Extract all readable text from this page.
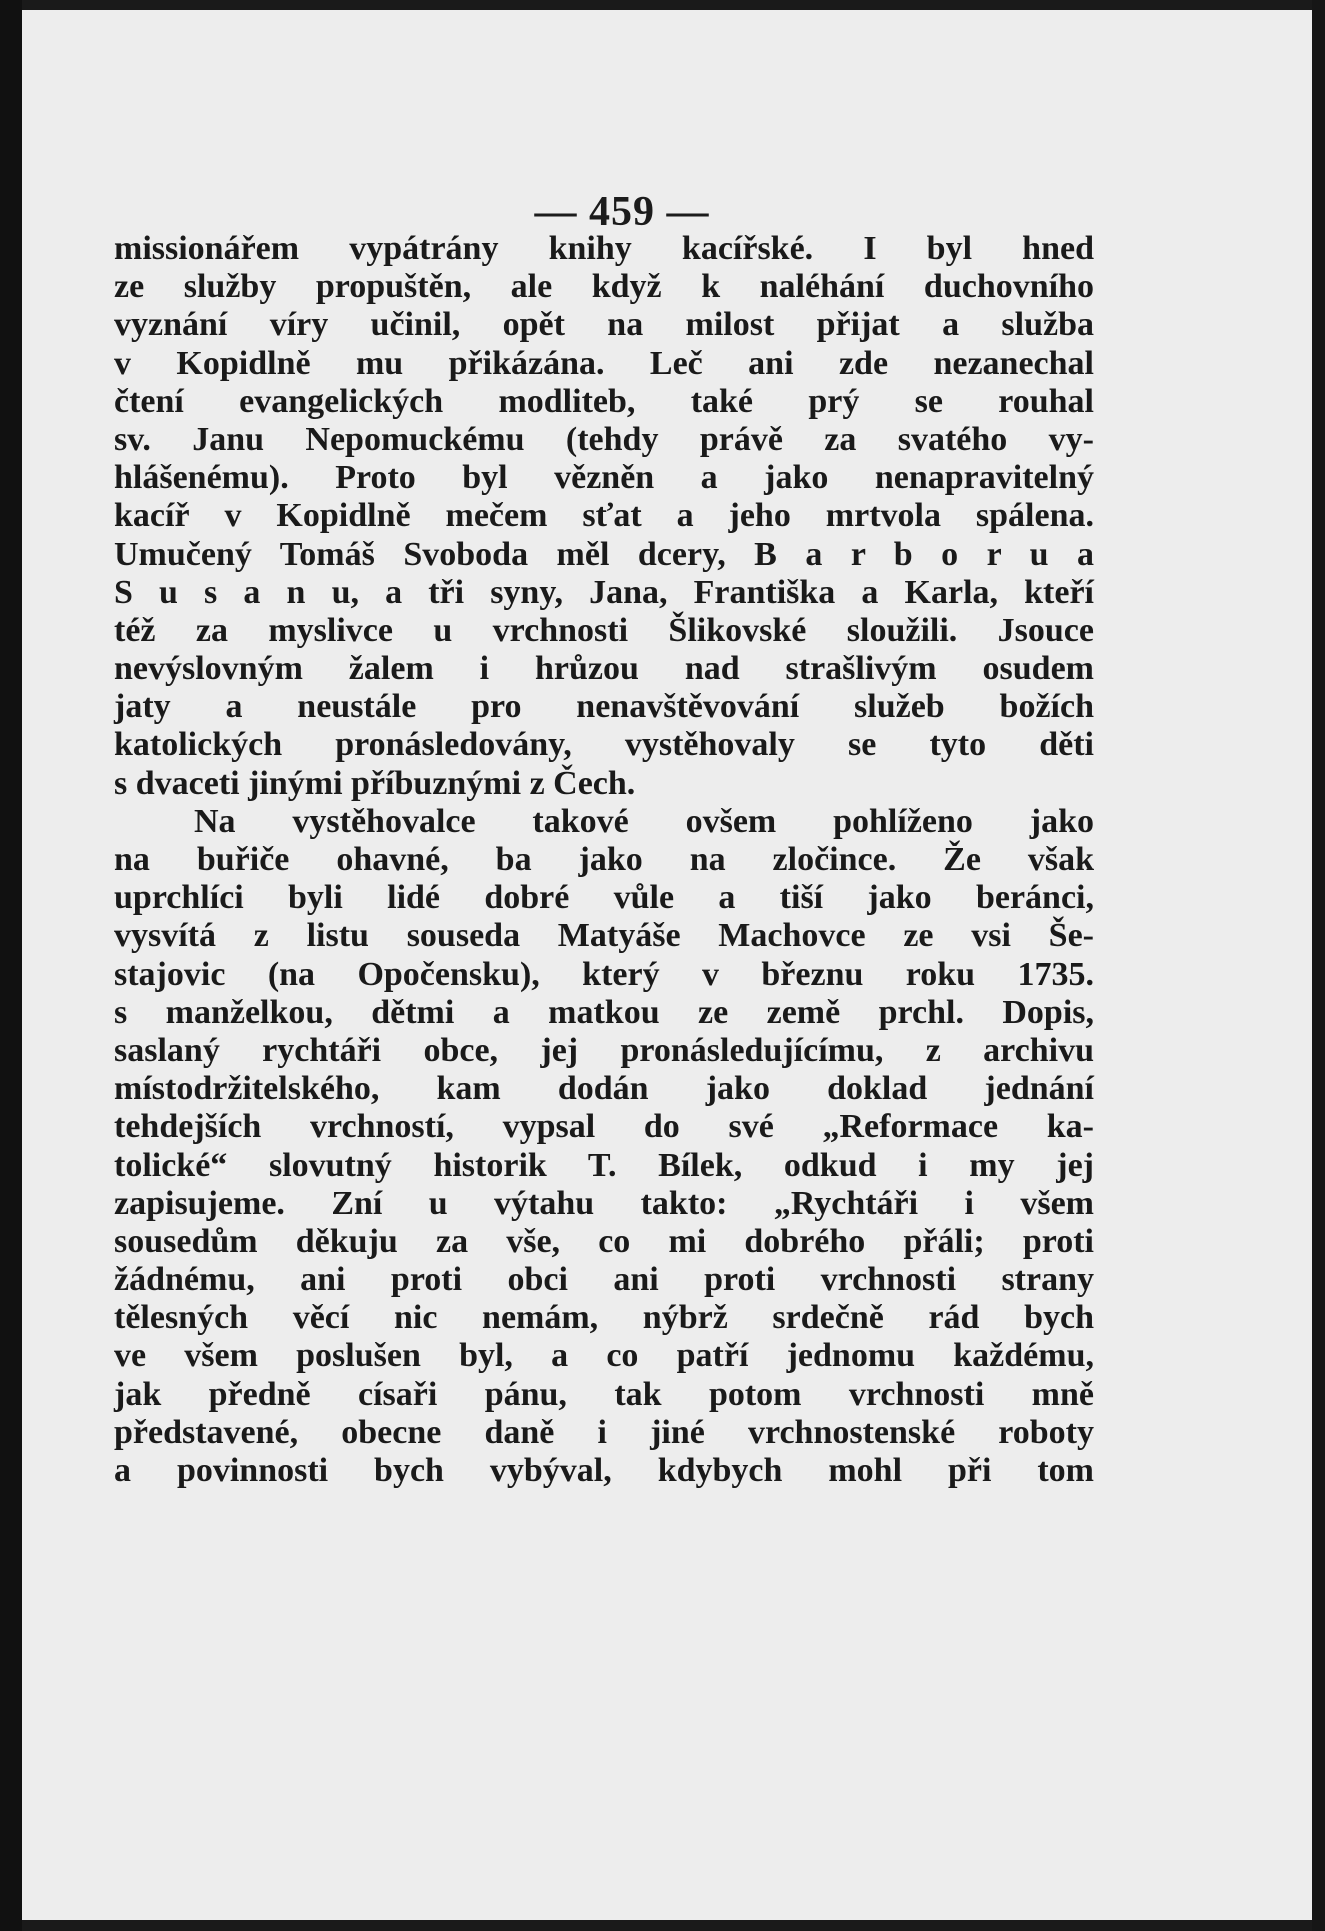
— 459 —
missionářem vypátrány knihy kacířské. I byl hned
ze služby propuštěn, ale když k naléhání duchovního
vyznání víry učinil, opět na milost přijat a služba
v Kopidlně mu přikázána. Leč ani zde nezanechal
čtení evangelických modliteb, také prý se rouhal
sv. Janu Nepomuckému (tehdy právě za svatého vy-
hlášenému). Proto byl vězněn a jako nenapravitelný
kacíř v Kopidlně mečem sťat a jeho mrtvola spálena.
Umučený Tomáš Svoboda měl dcery, B a r b o r u a
S u s a n u, a tři syny, Jana, Františka a Karla, kteří
též za myslivce u vrchnosti Šlikovské sloužili. Jsouce
nevýslovným žalem i hrůzou nad strašlivým osudem
jaty a neustále pro nenavštěvování služeb božích
katolických pronásledovány, vystěhovaly se tyto děti
s dvaceti jinými příbuznými z Čech.
Na vystěhovalce takové ovšem pohlíženo jako
na buřiče ohavné, ba jako na zločince. Že však
uprchlíci byli lidé dobré vůle a tiší jako beránci,
vysvítá z listu souseda Matyáše Machovce ze vsi Še-
stajovic (na Opočensku), který v březnu roku 1735.
s manželkou, dětmi a matkou ze země prchl. Dopis,
saslaný rychtáři obce, jej pronásledujícímu, z archivu
místodržitelského, kam dodán jako doklad jednání
tehdejších vrchností, vypsal do své „Reformace ka-
tolické“ slovutný historik T. Bílek, odkud i my jej
zapisujeme. Zní u výtahu takto: „Rychtáři i všem
sousedům děkuju za vše, co mi dobrého přáli; proti
žádnému, ani proti obci ani proti vrchnosti strany
tělesných věcí nic nemám, nýbrž srdečně rád bych
ve všem poslušen byl, a co patří jednomu každému,
jak předně císaři pánu, tak potom vrchnosti mně
představené, obecne daně i jiné vrchnostenské roboty
a povinnosti bych vybýval, kdybych mohl při tom
